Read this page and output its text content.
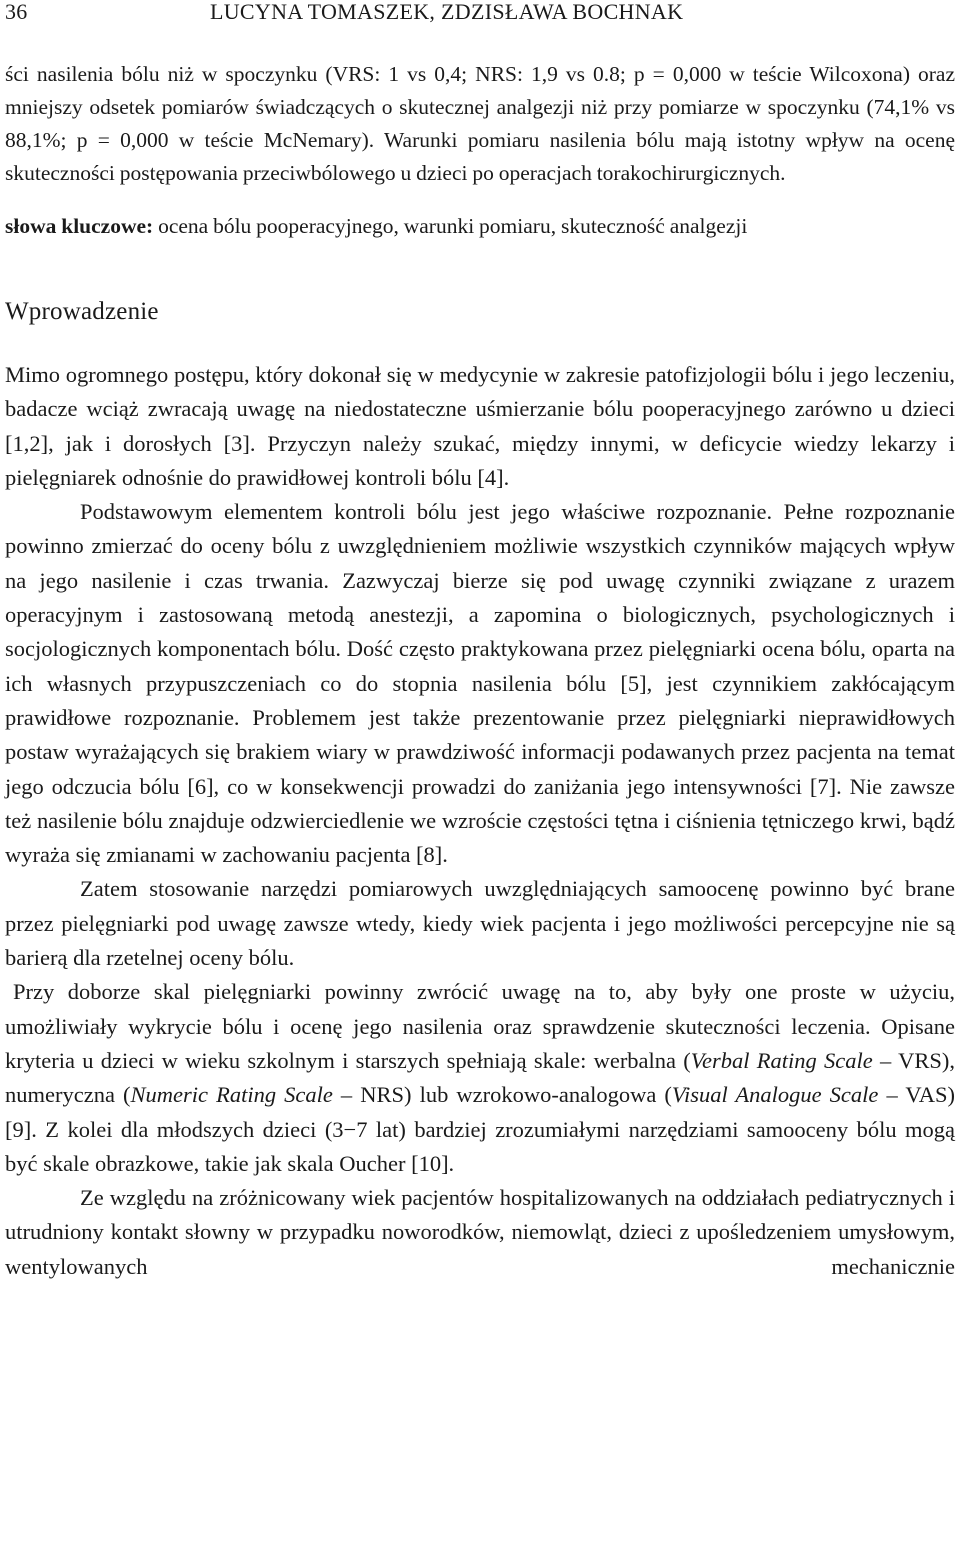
36	LUCYNA TOMASZEK, ZDZISŁAWA BOCHNAK
ści nasilenia bólu niż w spoczynku (VRS: 1 vs 0,4; NRS: 1,9 vs 0.8; p = 0,000 w teście Wilcoxona) oraz mniejszy odsetek pomiarów świadczących o skutecznej analgezji niż przy pomiarze w spoczynku (74,1% vs 88,1%; p = 0,000 w teście McNemary). Warunki pomiaru nasilenia bólu mają istotny wpływ na ocenę skuteczności postępowania przeciwbólowego u dzieci po operacjach torakochirurgicznych.
słowa kluczowe: ocena bólu pooperacyjnego, warunki pomiaru, skuteczność analgezji
Wprowadzenie

Mimo ogromnego postępu, który dokonał się w medycynie w zakresie patofizjologii bólu i jego leczeniu, badacze wciąż zwracają uwagę na niedostateczne uśmierzanie bólu pooperacyjnego zarówno u dzieci [1,2], jak i dorosłych [3]. Przyczyn należy szukać, między innymi, w deficycie wiedzy lekarzy i pielęgniarek odnośnie do prawidłowej kontroli bólu [4].

Podstawowym elementem kontroli bólu jest jego właściwe rozpoznanie. Pełne rozpoznanie powinno zmierzać do oceny bólu z uwzględnieniem możliwie wszystkich czynników mających wpływ na jego nasilenie i czas trwania. Zazwyczaj bierze się pod uwagę czynniki związane z urazem operacyjnym i zastosowaną metodą anestezji, a zapomina o biologicznych, psychologicznych i socjologicznych komponentach bólu. Dość często praktykowana przez pielęgniarki ocena bólu, oparta na ich własnych przypuszczeniach co do stopnia nasilenia bólu [5], jest czynnikiem zakłócającym prawidłowe rozpoznanie. Problemem jest także prezentowanie przez pielęgniarki nieprawidłowych postaw wyrażających się brakiem wiary w prawdziwość informacji podawanych przez pacjenta na temat jego odczucia bólu [6], co w konsekwencji prowadzi do zaniżania jego intensywności [7]. Nie zawsze też nasilenie bólu znajduje odzwierciedlenie we wzroście częstości tętna i ciśnienia tętniczego krwi, bądź wyraża się zmianami w zachowaniu pacjenta [8].

Zatem stosowanie narzędzi pomiarowych uwzględniających samoocenę powinno być brane przez pielęgniarki pod uwagę zawsze wtedy, kiedy wiek pacjenta i jego możliwości percepcyjne nie są barierą dla rzetelnej oceny bólu.

Przy doborze skal pielęgniarki powinny zwrócić uwagę na to, aby były one proste w użyciu, umożliwiały wykrycie bólu i ocenę jego nasilenia oraz sprawdzenie skuteczności leczenia. Opisane kryteria u dzieci w wieku szkolnym i starszych spełniają skale: werbalna (Verbal Rating Scale – VRS), numeryczna (Numeric Rating Scale – NRS) lub wzrokowo-analogowa (Visual Analogue Scale – VAS) [9]. Z kolei dla młodszych dzieci (3−7 lat) bardziej zrozumiałymi narzędziami samooceny bólu mogą być skale obrazkowe, takie jak skala Oucher [10].

Ze względu na zróżnicowany wiek pacjentów hospitalizowanych na oddziałach pediatrycznych i utrudniony kontakt słowny w przypadku noworodków, niemowląt, dzieci z upośledzeniem umysłowym, wentylowanych mechanicznie
